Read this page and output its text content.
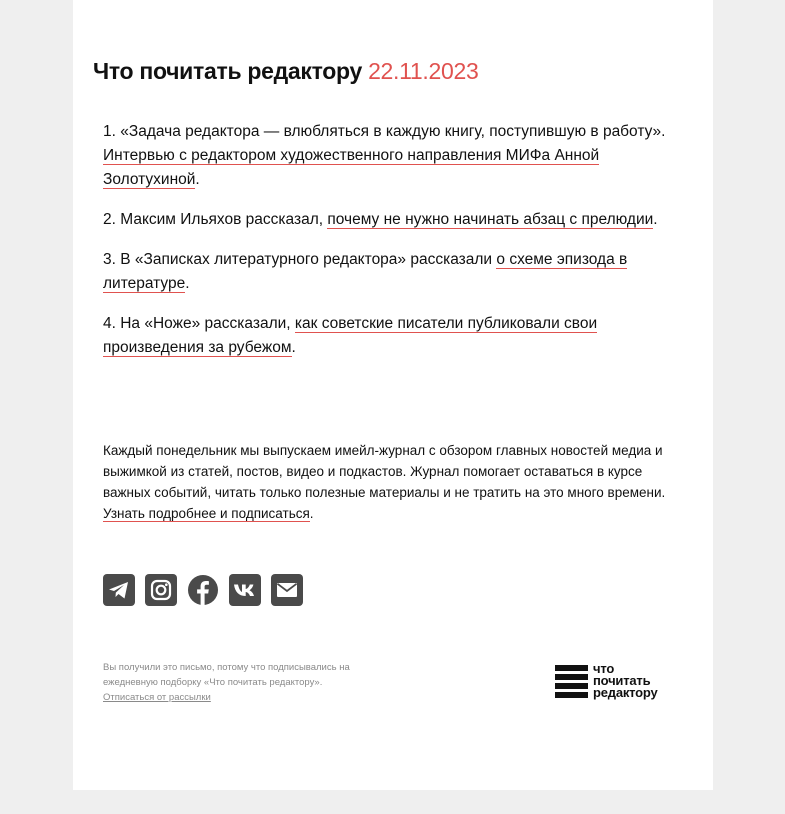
Что почитать редактору 22.11.2023

1. «Задача редактора — влюбляться в каждую книгу, поступившую в работу». Интервью с редактором художественного направления МИФа Анной Золотухиной.

2. Максим Ильяхов рассказал, почему не нужно начинать абзац с прелюдии.

3. В «Записках литературного редактора» рассказали о схеме эпизода в литературе.

4. На «Ноже» рассказали, как советские писатели публиковали свои произведения за рубежом.

Каждый понедельник мы выпускаем имейл-журнал с обзором главных новостей медиа и выжимкой из статей, постов, видео и подкастов. Журнал помогает оставаться в курсе важных событий, читать только полезные материалы и не тратить на это много времени. Узнать подробнее и подписаться.

Вы получили это письмо, потому что подписывались на ежедневную подборку «Что почитать редактору».
Отписаться от рассылки

что
почитать
редактору
